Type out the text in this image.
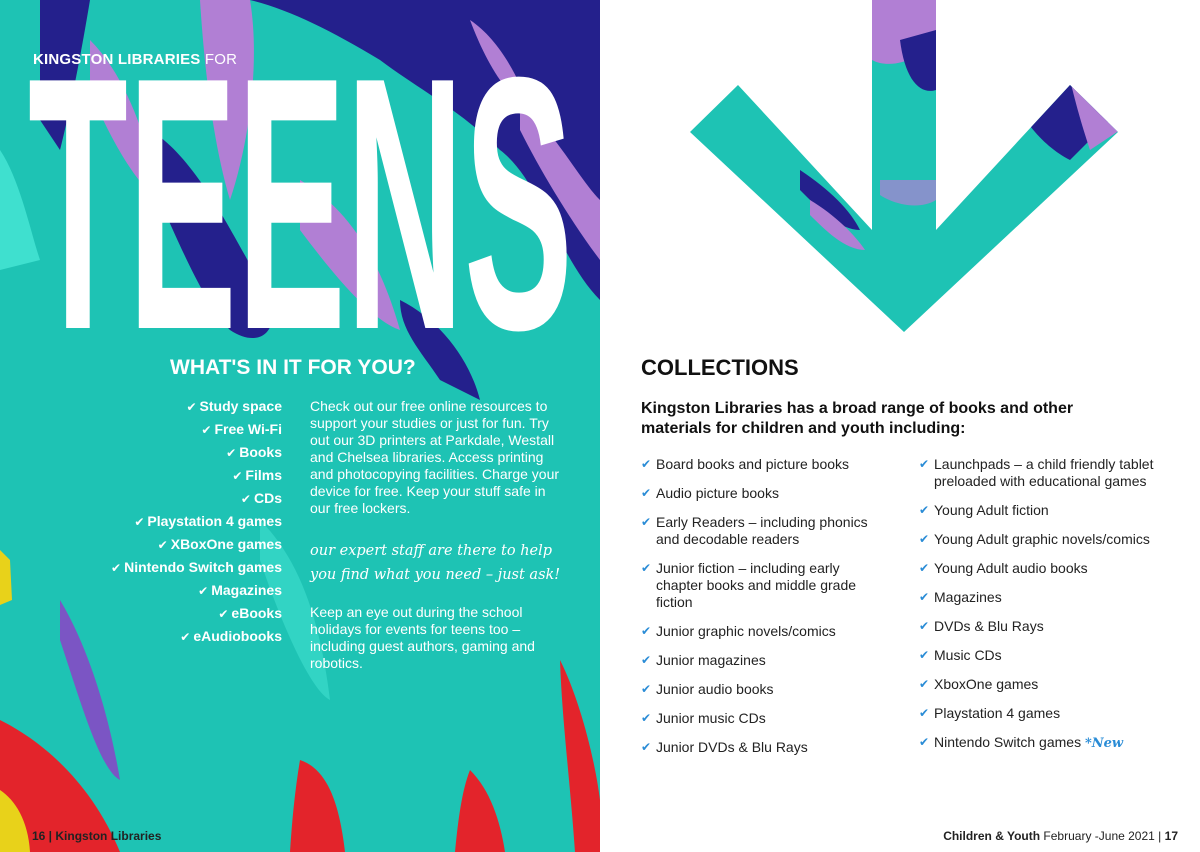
KINGSTON LIBRARIES FOR
TEENS
WHAT'S IN IT FOR YOU?
✔ Study space
✔ Free Wi-Fi
✔ Books
✔ Films
✔ CDs
✔ Playstation 4 games
✔ XBoxOne games
✔ Nintendo Switch games
✔ Magazines
✔ eBooks
✔ eAudiobooks
Check out our free online resources to support your studies or just for fun. Try out our 3D printers at Parkdale, Westall and Chelsea libraries. Access printing and photocopying facilities. Charge your device for free. Keep your stuff safe in our free lockers.
our expert staff are there to help you find what you need – just ask!
Keep an eye out during the school holidays for events for teens too – including guest authors, gaming and robotics.
16 | Kingston Libraries
COLLECTIONS
Kingston Libraries has a broad range of books and other materials for children and youth including:
✔ Board books and picture books
✔ Audio picture books
✔ Early Readers – including phonics and decodable readers
✔ Junior fiction – including early chapter books and middle grade fiction
✔ Junior graphic novels/comics
✔ Junior magazines
✔ Junior audio books
✔ Junior music CDs
✔ Junior DVDs & Blu Rays
✔ Launchpads – a child friendly tablet preloaded with educational games
✔ Young Adult fiction
✔ Young Adult graphic novels/comics
✔ Young Adult audio books
✔ Magazines
✔ DVDs & Blu Rays
✔ Music CDs
✔ XboxOne games
✔ Playstation 4 games
✔ Nintendo Switch games *New
Children & Youth February -June 2021 | 17
